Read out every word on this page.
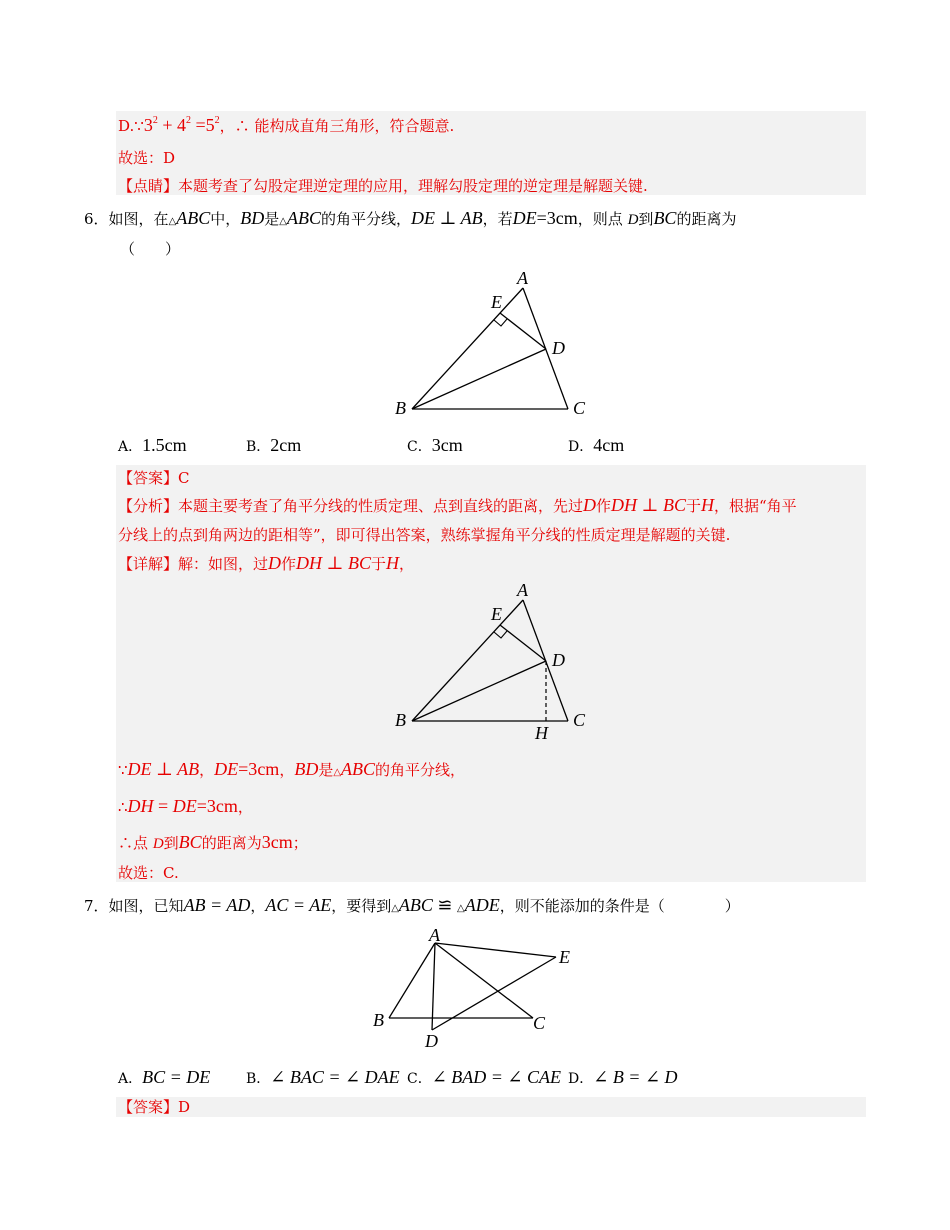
$D.\because 3^2 + 4^2 =5^2$，∴ 能构成直角三角形，符合题意.
故选：D
【点睛】本题考查了勾股定理逆定理的应用，理解勾股定理的逆定理是解题关键.
6．如图，在△ABC中，BD是△ABC的角平分线，DE ⊥ AB，若DE=3cm，则点 D到BC的距离为
（　　）
A
E
D
B	C
A．1.5cm	B．2cm	C．3cm	D．4cm
【答案】C
【分析】本题主要考查了角平分线的性质定理、点到直线的距离，先过D作DH ⊥ BC于H，根据“角平
分线上的点到角两边的距相等”，即可得出答案，熟练掌握角平分线的性质定理是解题的关键.
【详解】解：如图，过D作DH ⊥ BC于H，
A
E
D
B	C
H
∵DE ⊥ AB，DE=3cm，BD是△ABC的角平分线，
∴DH = DE=3cm，
∴点 D到BC的距离为3cm；
故选：C.
7．如图，已知AB = AD，AC = AE，要得到△ABC ≌ △ADE，则不能添加的条件是（　　　　）
A
E
B	C
D
A．BC = DE	B．∠ BAC = ∠ DAE C．∠ BAD = ∠ CAE D．∠ B = ∠ D
【答案】D
